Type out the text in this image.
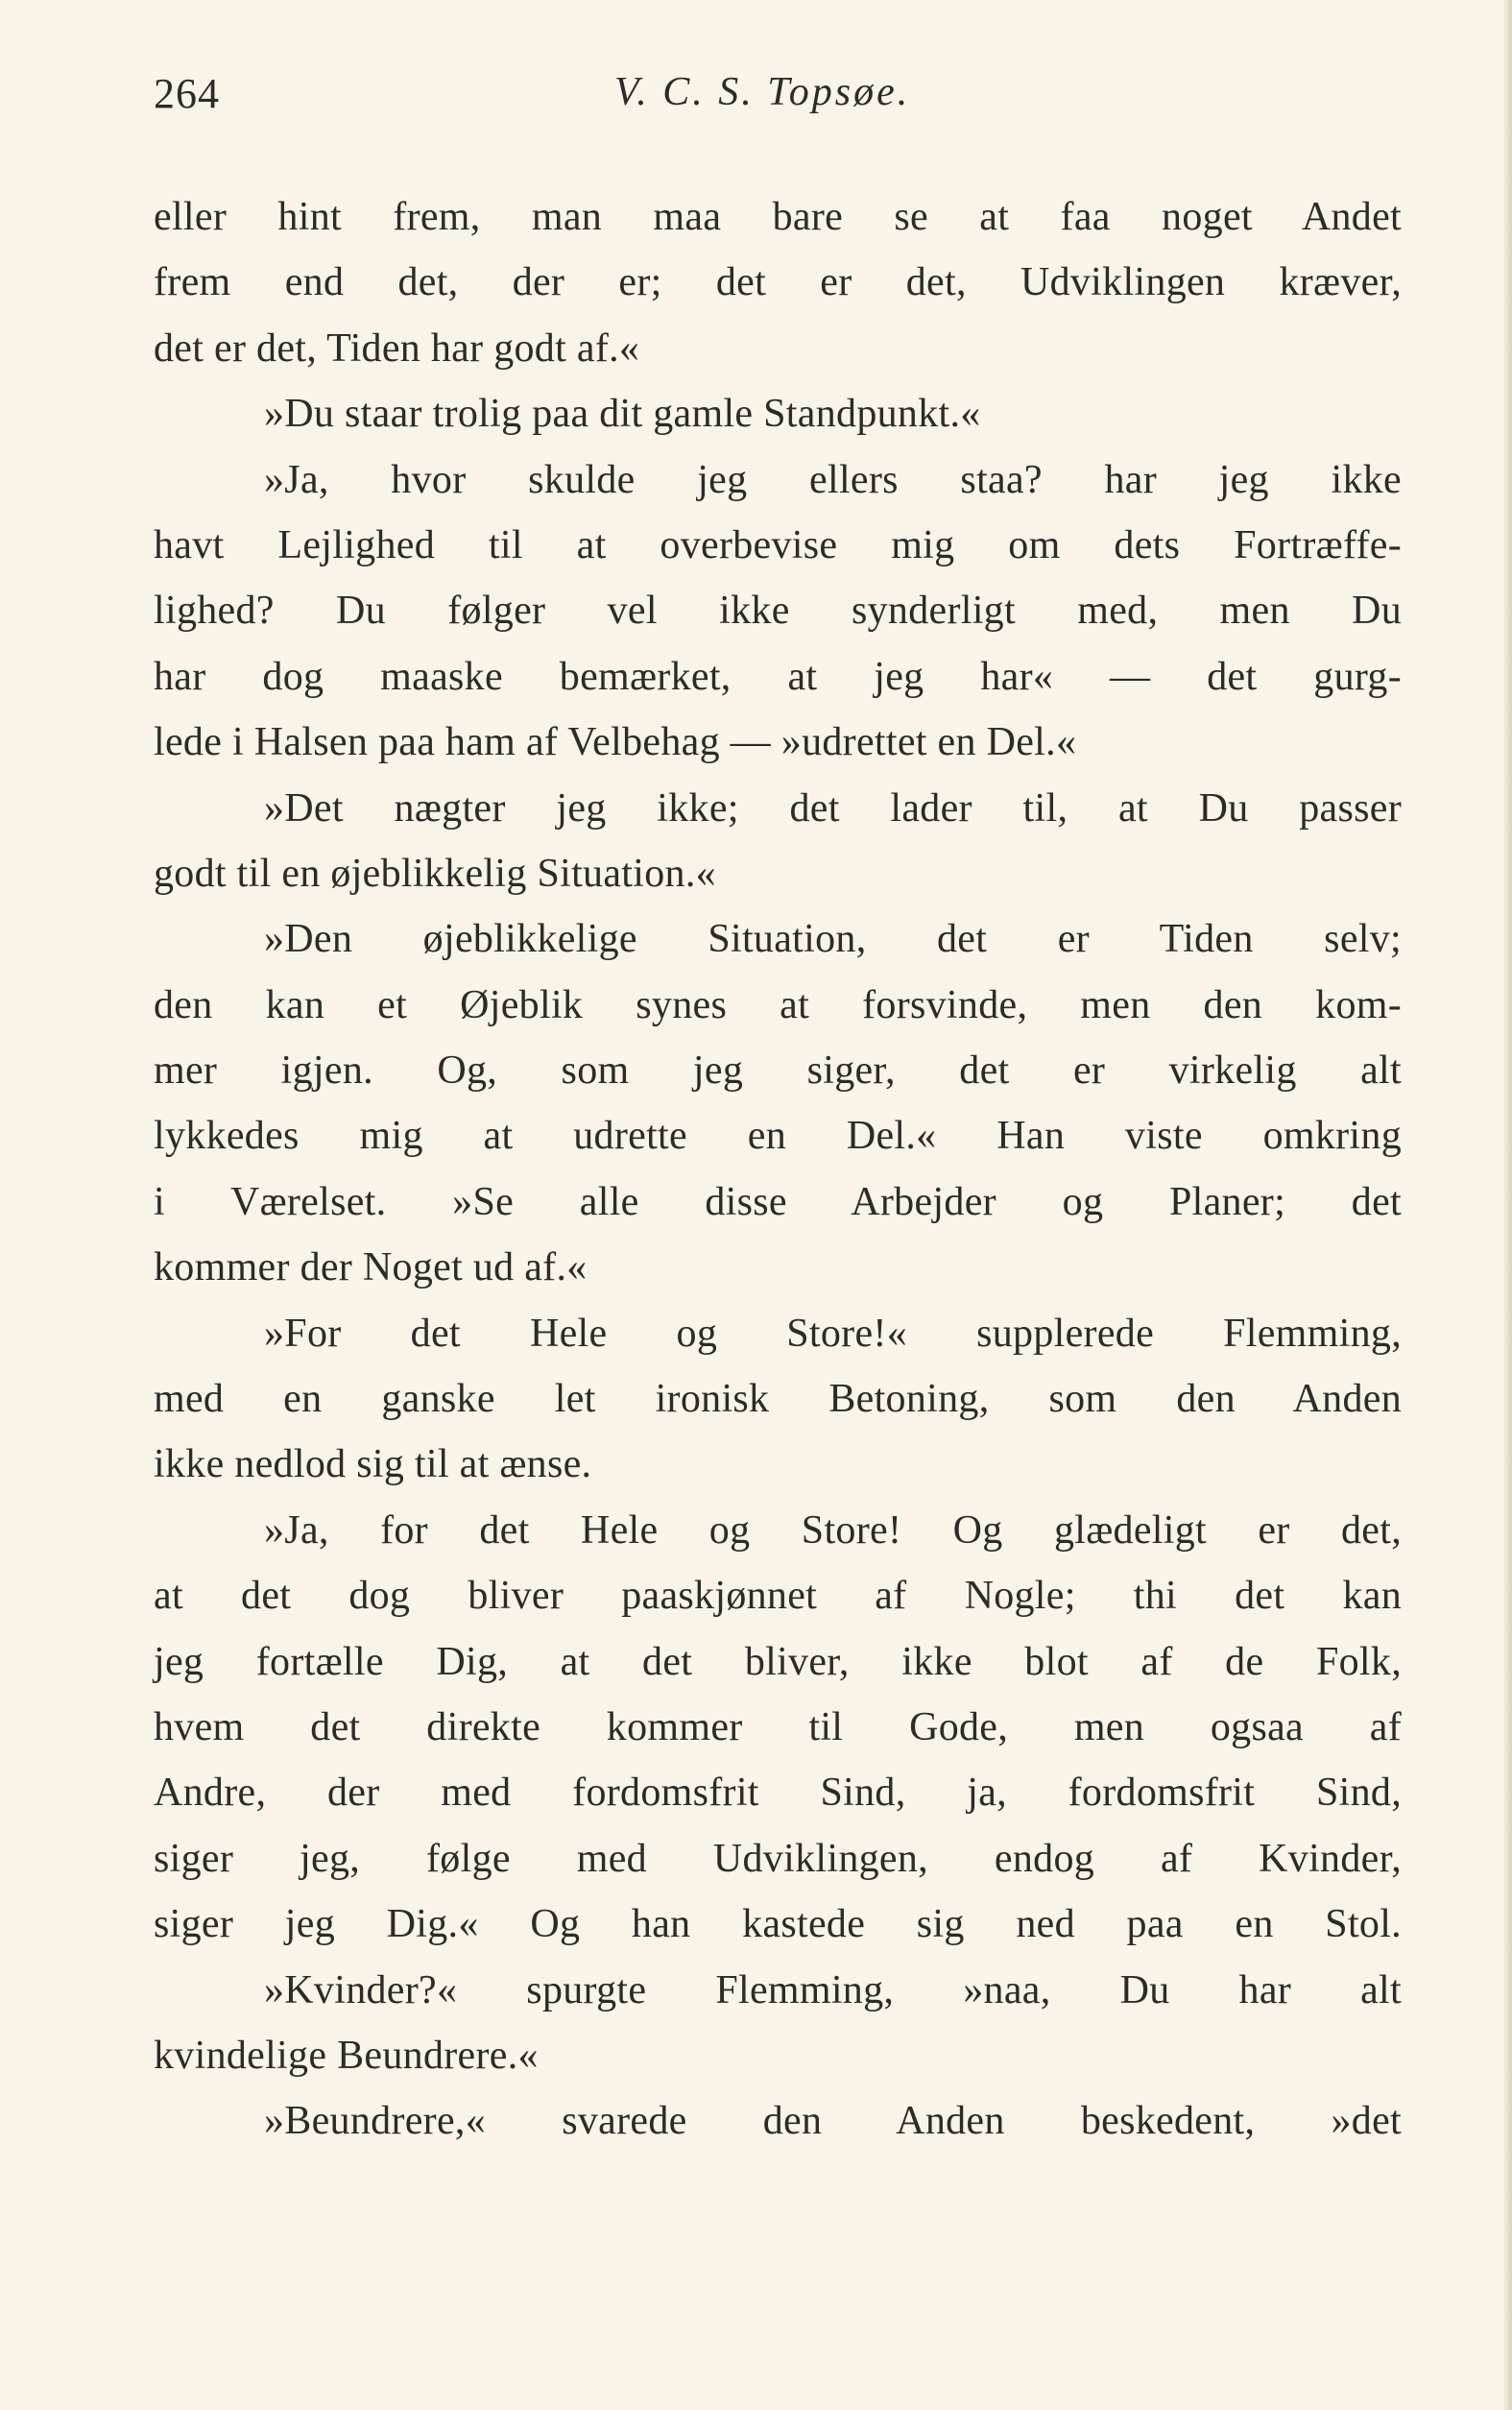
264	V. C. S. Topsøe.
eller hint frem, man maa bare se at faa noget Andet
frem end det, der er; det er det, Udviklingen kræver,
det er det, Tiden har godt af.«
»Du staar trolig paa dit gamle Standpunkt.«
»Ja, hvor skulde jeg ellers staa? har jeg ikke
havt Lejlighed til at overbevise mig om dets Fortræffe-
lighed? Du følger vel ikke synderligt med, men Du
har dog maaske bemærket, at jeg har« — det gurg-
lede i Halsen paa ham af Velbehag — »udrettet en Del.«
»Det nægter jeg ikke; det lader til, at Du passer
godt til en øjeblikkelig Situation.«
»Den øjeblikkelige Situation, det er Tiden selv;
den kan et Øjeblik synes at forsvinde, men den kom-
mer igjen. Og, som jeg siger, det er virkelig alt
lykkedes mig at udrette en Del.« Han viste omkring
i Værelset. »Se alle disse Arbejder og Planer; det
kommer der Noget ud af.«
»For det Hele og Store!« supplerede Flemming,
med en ganske let ironisk Betoning, som den Anden
ikke nedlod sig til at ænse.
»Ja, for det Hele og Store! Og glædeligt er det,
at det dog bliver paaskjønnet af Nogle; thi det kan
jeg fortælle Dig, at det bliver, ikke blot af de Folk,
hvem det direkte kommer til Gode, men ogsaa af
Andre, der med fordomsfrit Sind, ja, fordomsfrit Sind,
siger jeg, følge med Udviklingen, endog af Kvinder,
siger jeg Dig.« Og han kastede sig ned paa en Stol.
»Kvinder?« spurgte Flemming, »naa, Du har alt
kvindelige Beundrere.«
»Beundrere,« svarede den Anden beskedent, »det
